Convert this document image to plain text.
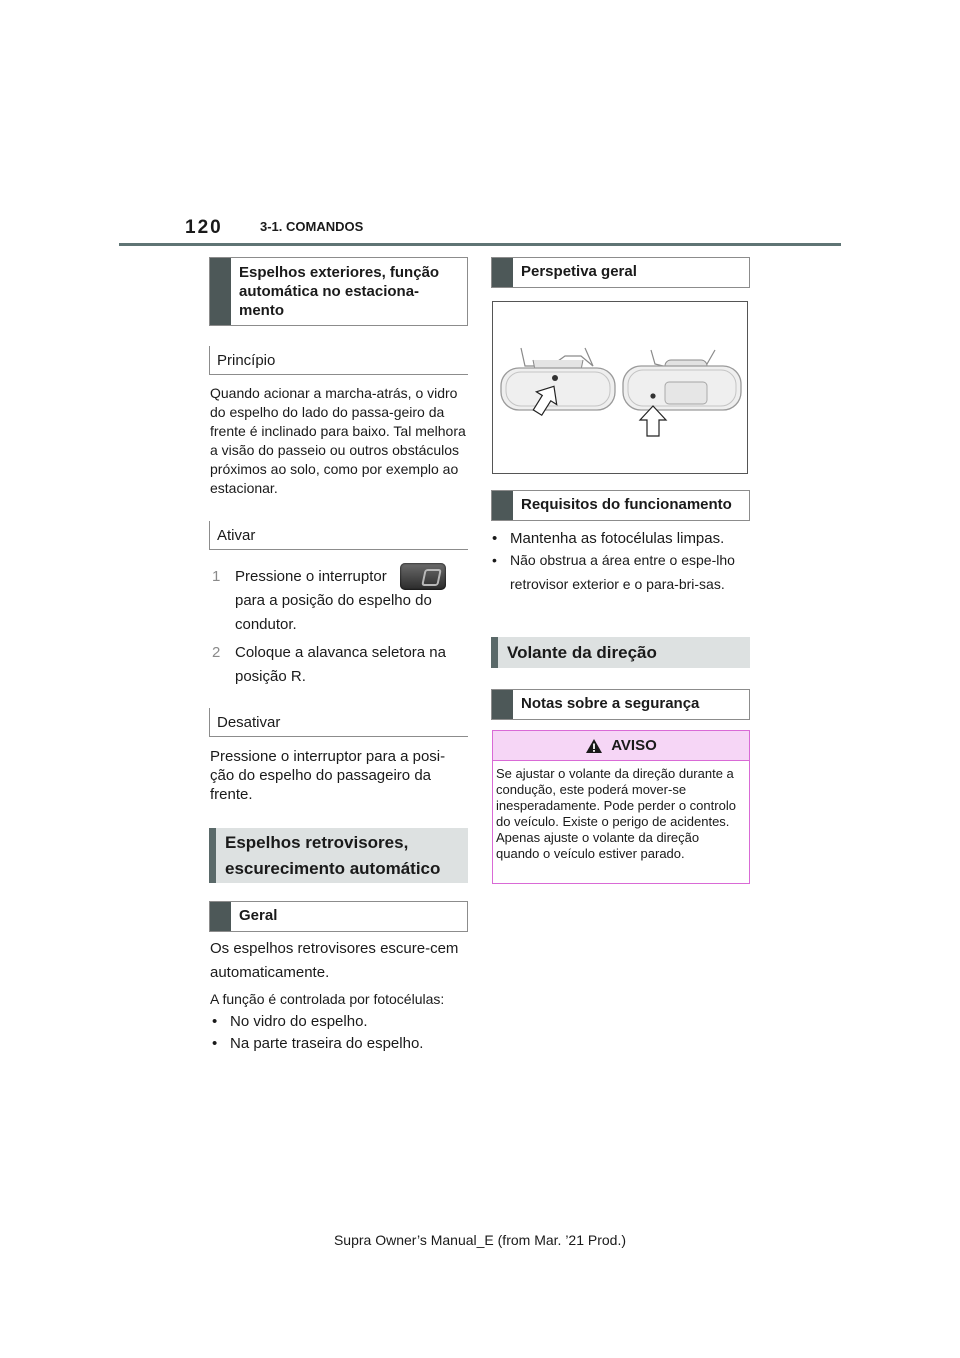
120	3-1. COMANDOS
Espelhos exteriores, função automática no estaciona-mento
Princípio
Quando acionar a marcha-atrás, o vidro do espelho do lado do passa-geiro da frente é inclinado para baixo. Tal melhora a visão do passeio ou outros obstáculos próximos ao solo, como por exemplo ao estacionar.
Ativar
1 Pressione o interruptor
para a posição do espelho do condutor.
2 Coloque a alavanca seletora na posição R.
Desativar
Pressione o interruptor para a posi-ção do espelho do passageiro da frente.
Espelhos retrovisores, escurecimento automático
Geral
Os espelhos retrovisores escure-cem automaticamente.
A função é controlada por fotocélulas:
• No vidro do espelho.
• Na parte traseira do espelho.
Perspetiva geral
Requisitos do funcionamento
• Mantenha as fotocélulas limpas.
• Não obstrua a área entre o espe-lho retrovisor exterior e o para-bri-sas.
Volante da direção
Notas sobre a segurança
AVISO
Se ajustar o volante da direção durante a condução, este poderá mover-se inesperadamente. Pode perder o controlo do veículo. Existe o perigo de acidentes. Apenas ajuste o volante da direção quando o veículo estiver parado.
Supra Owner’s Manual_E (from Mar. ’21 Prod.)
